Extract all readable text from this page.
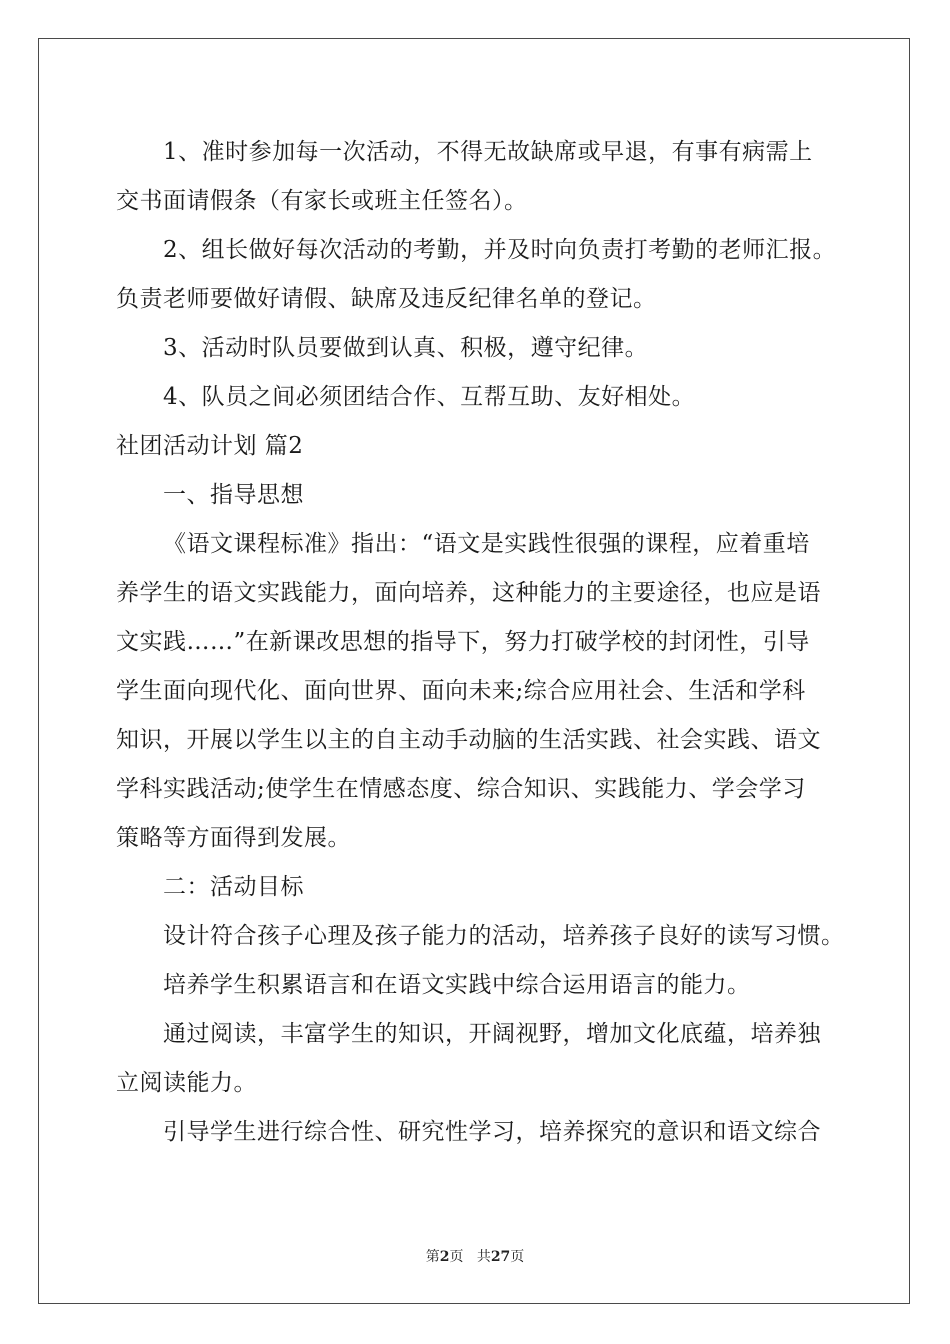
1、准时参加每一次活动，不得无故缺席或早退，有事有病需上
交书面请假条（有家长或班主任签名）。
2、组长做好每次活动的考勤，并及时向负责打考勤的老师汇报。
负责老师要做好请假、缺席及违反纪律名单的登记。
3、活动时队员要做到认真、积极，遵守纪律。
4、队员之间必须团结合作、互帮互助、友好相处。
社团活动计划 篇2
一、指导思想
《语文课程标准》指出：“语文是实践性很强的课程，应着重培
养学生的语文实践能力，面向培养，这种能力的主要途径，也应是语
文实践……”在新课改思想的指导下，努力打破学校的封闭性，引导
学生面向现代化、面向世界、面向未来;综合应用社会、生活和学科
知识，开展以学生以主的自主动手动脑的生活实践、社会实践、语文
学科实践活动;使学生在情感态度、综合知识、实践能力、学会学习
策略等方面得到发展。
二：活动目标
设计符合孩子心理及孩子能力的活动，培养孩子良好的读写习惯。
培养学生积累语言和在语文实践中综合运用语言的能力。
通过阅读，丰富学生的知识，开阔视野，增加文化底蕴，培养独
立阅读能力。
引导学生进行综合性、研究性学习，培养探究的意识和语文综合
第2页 共27页
